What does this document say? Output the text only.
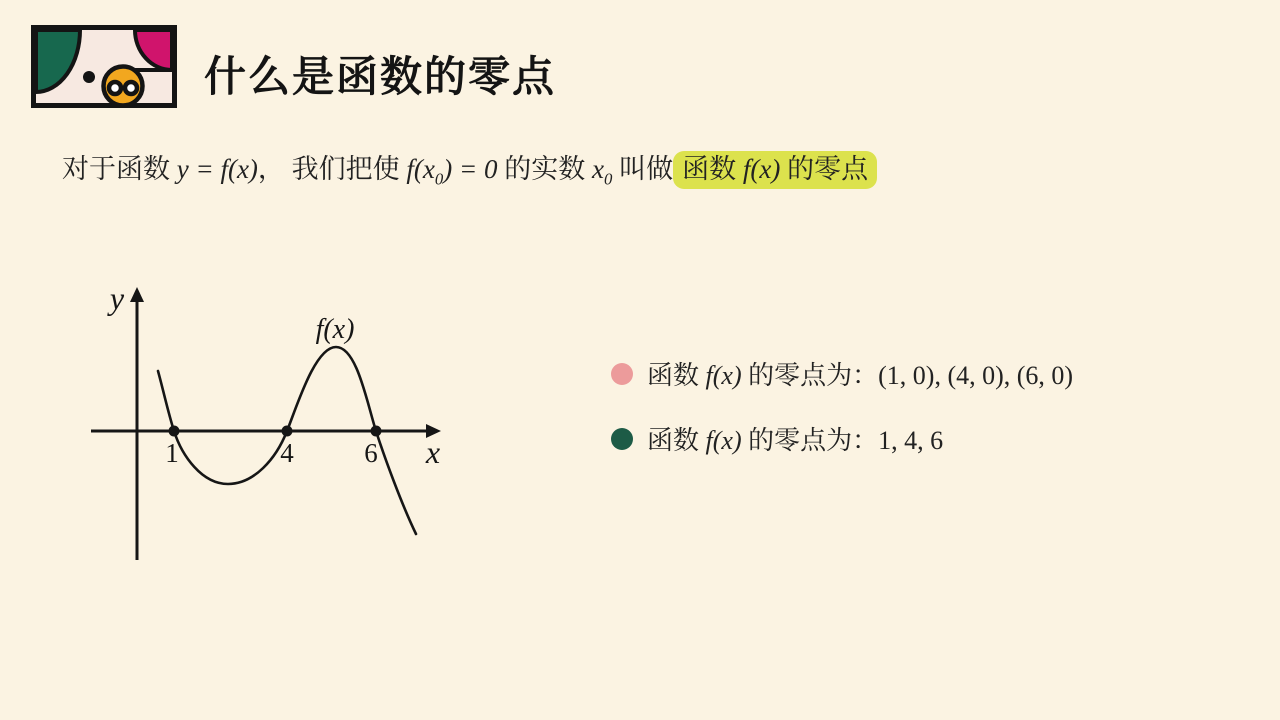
什么是函数的零点
对于函数 y = f(x)， 我们把使 $f(x_0) = 0$ 的实数 $x_0$ 叫做 函数 f(x) 的零点
y
x
f(x)
1	4	6
函数 f(x) 的零点为：(1, 0), (4, 0), (6, 0)
函数 f(x) 的零点为：1, 4, 6
